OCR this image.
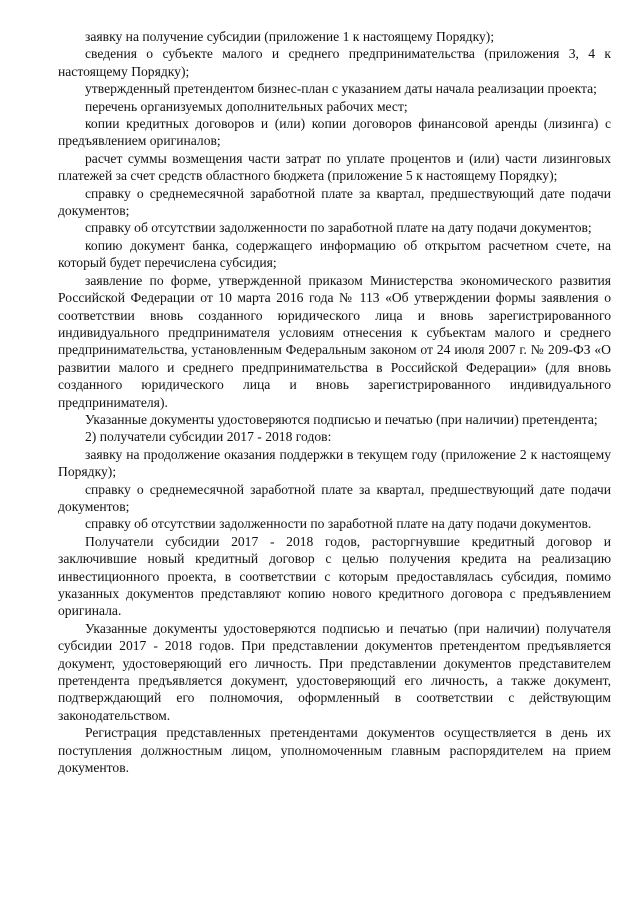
заявку на получение субсидии (приложение 1 к настоящему Порядку);

сведения о субъекте малого и среднего предпринимательства (приложения 3, 4 к настоящему Порядку);

утвержденный претендентом бизнес-план с указанием даты начала реализации проекта;

перечень организуемых дополнительных рабочих мест;

копии кредитных договоров и (или) копии договоров финансовой аренды (лизинга) с предъявлением оригиналов;

расчет суммы возмещения части затрат по уплате процентов и (или) части лизинговых платежей за счет средств областного бюджета (приложение 5 к настоящему Порядку);

справку о среднемесячной заработной плате за квартал, предшествующий дате подачи документов;

справку об отсутствии задолженности по заработной плате на дату подачи документов;

копию документ банка, содержащего информацию об открытом расчетном счете, на который будет перечислена субсидия;

заявление по форме, утвержденной приказом Министерства экономического развития Российской Федерации от 10 марта 2016 года № 113 «Об утверждении формы заявления о соответствии вновь созданного юридического лица и вновь зарегистрированного индивидуального предпринимателя условиям отнесения к субъектам малого и среднего предпринимательства, установленным Федеральным законом от 24 июля 2007 г. № 209-ФЗ «О развитии малого и среднего предпринимательства в Российской Федерации» (для вновь созданного юридического лица и вновь зарегистрированного индивидуального предпринимателя).

Указанные документы удостоверяются подписью и печатью (при наличии) претендента;

2) получатели субсидии 2017 - 2018 годов:

заявку на продолжение оказания поддержки в текущем году (приложение 2 к настоящему Порядку);

справку о среднемесячной заработной плате за квартал, предшествующий дате подачи документов;

справку об отсутствии задолженности по заработной плате на дату подачи документов.

Получатели субсидии 2017 - 2018 годов, расторгнувшие кредитный договор и заключившие новый кредитный договор с целью получения кредита на реализацию инвестиционного проекта, в соответствии с которым предоставлялась субсидия, помимо указанных документов представляют копию нового кредитного договора с предъявлением оригинала.

Указанные документы удостоверяются подписью и печатью (при наличии) получателя субсидии 2017 - 2018 годов. При представлении документов претендентом предъявляется документ, удостоверяющий его личность. При представлении документов представителем претендента предъявляется документ, удостоверяющий его личность, а также документ, подтверждающий его полномочия, оформленный в соответствии с действующим законодательством.

Регистрация представленных претендентами документов осуществляется в день их поступления должностным лицом, уполномоченным главным распорядителем на прием документов.
